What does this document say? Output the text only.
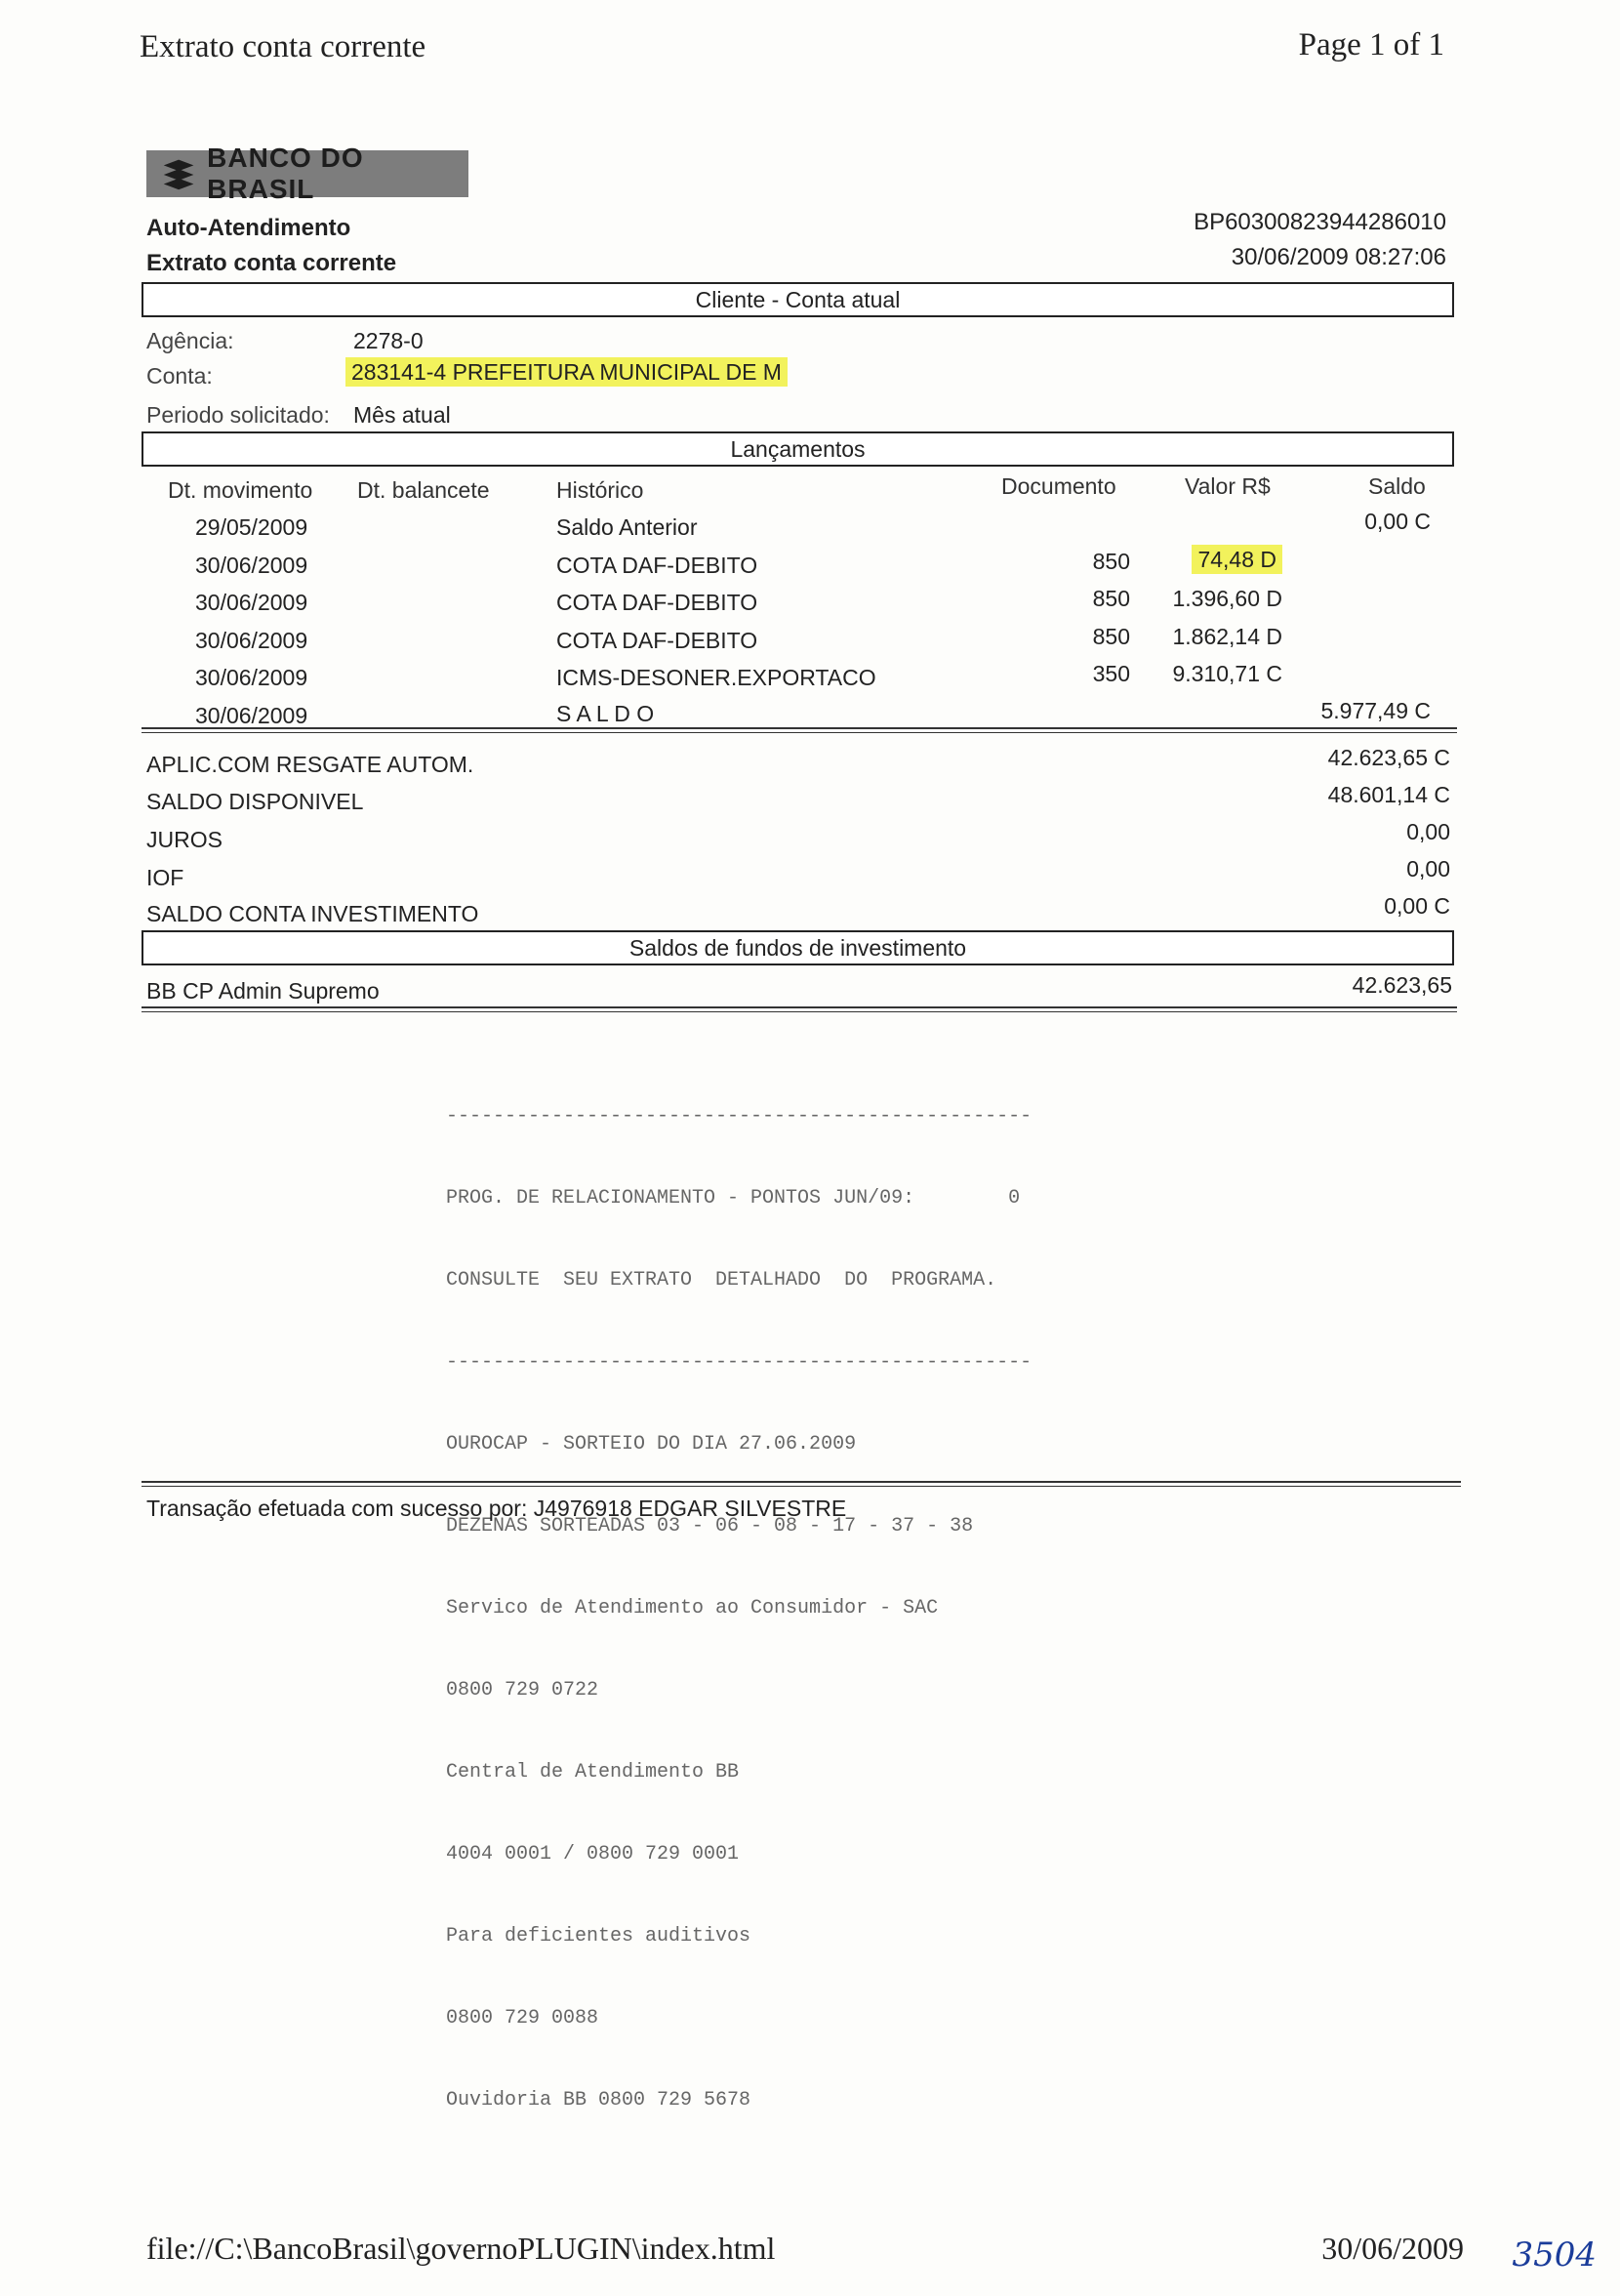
Extrato conta corrente	Page 1 of 1
BANCO DO BRASIL
Auto-Atendimento
Extrato conta corrente
BP60300823944286010
30/06/2009 08:27:06
Cliente - Conta atual
Agência:	2278-0
Conta:	283141-4 PREFEITURA MUNICIPAL DE M
Periodo solicitado: Mês atual
Lançamentos
Dt. movimento Dt. balancete	Histórico	Documento	Valor R$	Saldo
29/05/2009	Saldo Anterior	0,00 C
30/06/2009	COTA DAF-DEBITO	850	74,48 D
30/06/2009	COTA DAF-DEBITO	850	1.396,60 D
30/06/2009	COTA DAF-DEBITO	850	1.862,14 D
30/06/2009	ICMS-DESONER.EXPORTACO	350	9.310,71 C
30/06/2009	S A L D O	5.977,49 C
APLIC.COM RESGATE AUTOM.	42.623,65 C
SALDO DISPONIVEL	48.601,14 C
JUROS	0,00
IOF	0,00
SALDO CONTA INVESTIMENTO	0,00 C
Saldos de fundos de investimento
BB CP Admin Supremo	42.623,65

--------------------------------------------------

PROG. DE RELACIONAMENTO - PONTOS JUN/09:        0

CONSULTE  SEU EXTRATO  DETALHADO  DO  PROGRAMA.

--------------------------------------------------

OUROCAP - SORTEIO DO DIA 27.06.2009

DEZENAS SORTEADAS 03 - 06 - 08 - 17 - 37 - 38

Servico de Atendimento ao Consumidor - SAC

0800 729 0722

Central de Atendimento BB

4004 0001 / 0800 729 0001

Para deficientes auditivos

0800 729 0088

Ouvidoria BB 0800 729 5678

Transação efetuada com sucesso por: J4976918 EDGAR SILVESTRE
file://C:\BancoBrasil\governoPLUGIN\index.html	30/06/2009 3504
